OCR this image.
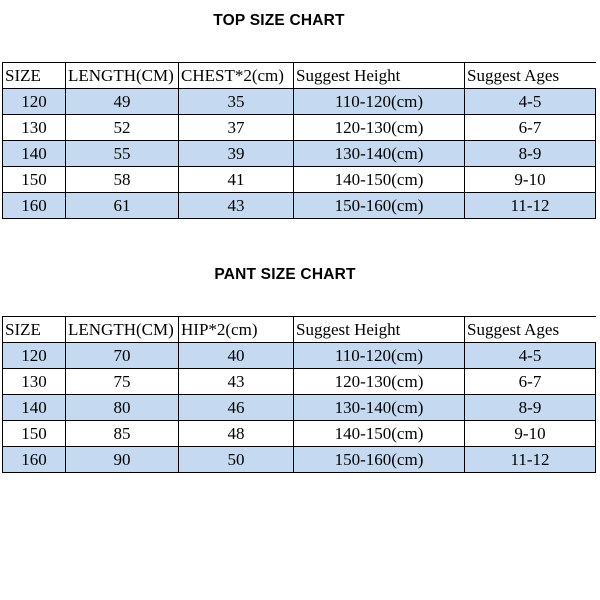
TOP SIZE CHART
SIZE	LENGTH(CM)	CHEST*2(cm)	Suggest Height	Suggest Ages
120	49	35	110-120(cm)	4-5
130	52	37	120-130(cm)	6-7
140	55	39	130-140(cm)	8-9
150	58	41	140-150(cm)	9-10
160	61	43	150-160(cm)	11-12
PANT SIZE CHART
SIZE	LENGTH(CM)	HIP*2(cm)	Suggest Height	Suggest Ages
120	70	40	110-120(cm)	4-5
130	75	43	120-130(cm)	6-7
140	80	46	130-140(cm)	8-9
150	85	48	140-150(cm)	9-10
160	90	50	150-160(cm)	11-12
